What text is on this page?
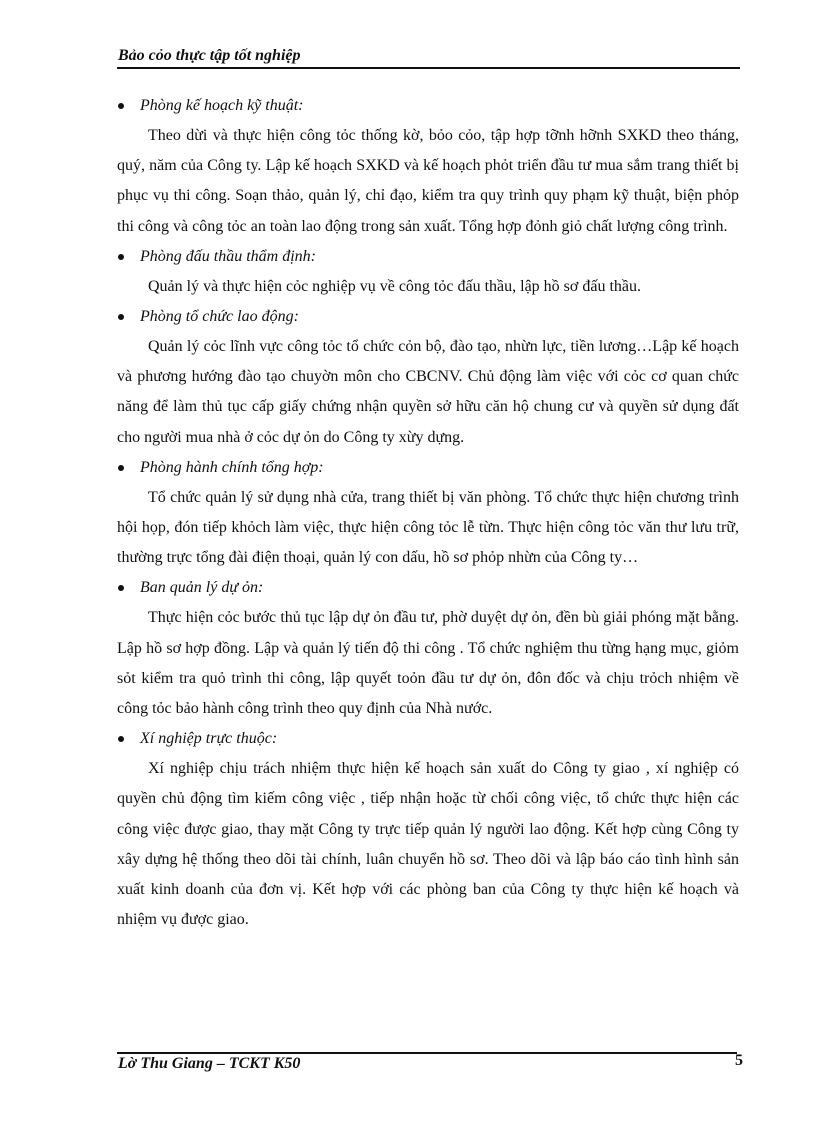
Bảo cỏo thực tập tốt nghiệp
Phòng kế hoạch kỹ thuật:

Theo dừi và thực hiện công tỏc thống kờ, bỏo cỏo, tập hợp tỡnh hỡnh SXKD theo tháng, quý, năm của Công ty. Lập kế hoạch SXKD và kế hoạch phỏt triển đầu tư mua sắm trang thiết bị phục vụ thi công. Soạn thảo, quản lý, chỉ đạo, kiểm tra quy trình quy phạm kỹ thuật, biện phỏp thi công và công tỏc an toàn lao động trong sản xuất. Tổng hợp đỏnh giỏ chất lượng công trình.

Phòng đấu thầu thẩm định:

Quản lý và thực hiện cỏc nghiệp vụ về công tỏc đấu thầu, lập hồ sơ đấu thầu.

Phòng tổ chức lao động:

Quản lý cỏc lĩnh vực công tỏc tổ chức cỏn bộ, đào tạo, nhừn lực, tiền lương…Lập kế hoạch và phương hướng đào tạo chuyờn môn cho CBCNV. Chủ động làm việc với cỏc cơ quan chức năng để làm thủ tục cấp giấy chứng nhận quyền sở hữu căn hộ chung cư và quyền sử dụng đất cho người mua nhà ở cỏc dự ỏn do Công ty xừy dựng.

Phòng hành chính tổng hợp:

Tổ chức quản lý sử dụng nhà cửa, trang thiết bị văn phòng. Tổ chức thực hiện chương trình hội họp, đón tiếp khỏch làm việc, thực hiện công tỏc lễ từn. Thực hiện công tỏc văn thư lưu trữ, thường trực tổng đài điện thoại, quản lý con dấu, hồ sơ phỏp nhừn của Công ty…

Ban quản lý dự ỏn:

Thực hiện cỏc bước thủ tục lập dự ỏn đầu tư, phờ duyệt dự ỏn, đền bù giải phóng mặt bằng. Lập hồ sơ hợp đồng. Lập và quản lý tiến độ thi công . Tổ chức nghiệm thu từng hạng mục, giỏm sỏt kiểm tra quỏ trình thi công, lập quyết toỏn đầu tư dự ỏn, đôn đốc và chịu trỏch nhiệm về công tỏc bảo hành công trình theo quy định của Nhà nước.

Xí nghiệp trực thuộc:

Xí nghiệp chịu trách nhiệm thực hiện kế hoạch sản xuất do Công ty giao , xí nghiệp có quyền chủ động tìm kiếm công việc , tiếp nhận hoặc từ chối công việc, tổ chức thực hiện các công việc được giao, thay mặt Công ty trực tiếp quản lý người lao động. Kết hợp cùng Công ty xây dựng hệ thống theo dõi tài chính, luân chuyển hồ sơ. Theo dõi và lập báo cáo tình hình sản xuất kinh doanh của đơn vị. Kết hợp với các phòng ban của Công ty thực hiện kế hoạch và nhiệm vụ được giao.

Lờ Thu Giang – TCKT K50	5
